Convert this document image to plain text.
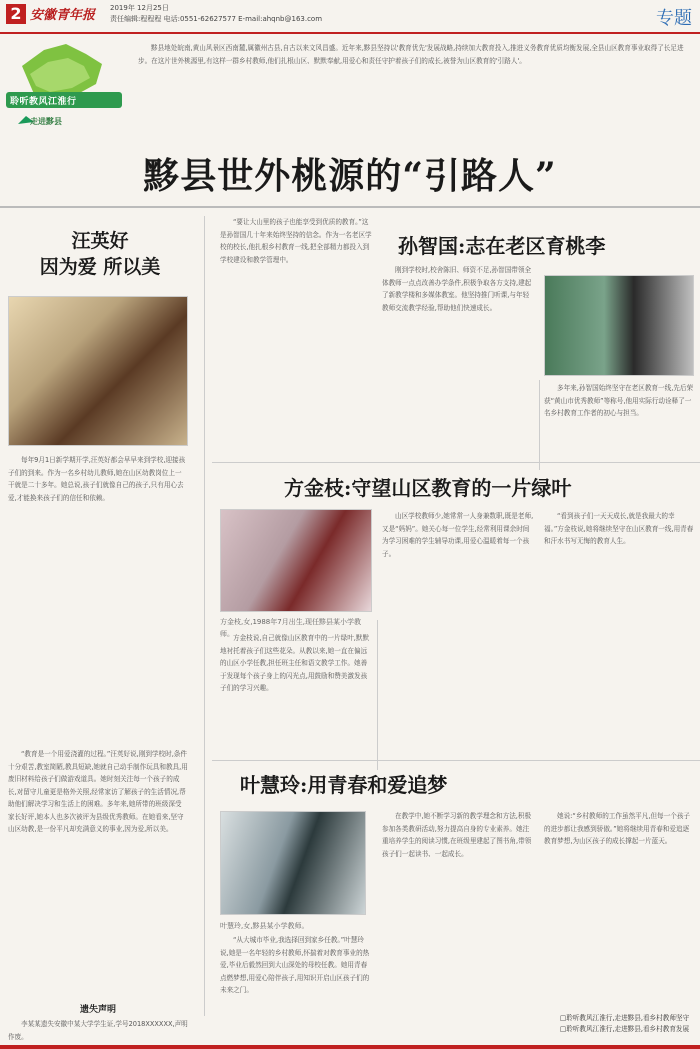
2 安徽青年报 2019年 12月25日
责任编辑:程程程 电话:0551-62627577 E-mail:ahqnb@163.com	专题
聆听教风江淮行
走进黟县
黟县地处皖南,黄山风景区西南麓,属徽州古县,自古以来文风昌盛。近年来,黟县坚持以'教育优先'发展战略,持续加大教育投入,推进义务教育优质均衡发展,全县山区教育事业取得了长足进步。在这片世外桃源里,有这样一群乡村教师,他们扎根山区、默默奉献,用爱心和责任守护着孩子们的成长,被誉为山区教育的'引路人'。
黟县世外桃源的“引路人”
汪英好
因为爱 所以美
每年9月1日新学期开学,汪英好都会早早来到学校,迎接孩子们的到来。作为一名乡村幼儿教师,她在山区幼教岗位上一干就是二十多年。她总说,孩子们就像自己的孩子,只有用心去爱,才能换来孩子们的信任和依赖。
“教育是一个用爱浇灌的过程。”汪英好说,刚到学校时,条件十分艰苦,教室简陋,教具短缺,她就自己动手制作玩具和教具,用废旧材料给孩子们做游戏道具。她时刻关注每一个孩子的成长,对留守儿童更是格外关照,经常家访了解孩子的生活情况,帮助他们解决学习和生活上的困难。多年来,她所带的班级深受家长好评,她本人也多次被评为县级优秀教师。在她看来,坚守山区幼教,是一份平凡却充满意义的事业,因为爱,所以美。
“要让大山里的孩子也能享受到优质的教育。”这是孙智国几十年来始终坚持的信念。作为一名老区学校的校长,他扎根乡村教育一线,把全部精力都投入到学校建设和教学管理中。
孙智国:志在老区育桃李
刚到学校时,校舍陈旧、师资不足,孙智国带领全体教师一点点改善办学条件,积极争取各方支持,建起了新教学楼和多媒体教室。他坚持推门听课,与年轻教师交流教学经验,帮助他们快速成长。
多年来,孙智国始终坚守在老区教育一线,先后荣获“黄山市优秀教师”等称号,他用实际行动诠释了一名乡村教育工作者的初心与担当。
方金枝:守望山区教育的一片绿叶
方金枝,女,1988年7月出生,现任黟县某小学教师。 方金枝说,自己就像山区教育中的一片绿叶,默默地衬托着孩子们这些花朵。从教以来,她一直在偏远的山区小学任教,担任班主任和语文教学工作。她善于发现每个孩子身上的闪光点,用鼓励和赞美激发孩子们的学习兴趣。
山区学校教师少,她常常一人身兼数职,既是老师,又是“妈妈”。她关心每一位学生,经常利用课余时间为学习困难的学生辅导功课,用爱心温暖着每一个孩子。
“看到孩子们一天天成长,就是我最大的幸福。”方金枝说,她将继续坚守在山区教育一线,用青春和汗水书写无悔的教育人生。
叶慧玲:用青春和爱追梦
叶慧玲,女,黟县某小学教师。
“从大城市毕业,我选择回到家乡任教。”叶慧玲说,她是一名年轻的乡村教师,怀揣着对教育事业的热爱,毕业后毅然回到大山深处的母校任教。她用青春点燃梦想,用爱心陪伴孩子,用知识开启山区孩子们的未来之门。
在教学中,她不断学习新的教学理念和方法,积极参加各类教研活动,努力提高自身的专业素养。她注重培养学生的阅读习惯,在班级里建起了图书角,带领孩子们一起读书、一起成长。
她说:“乡村教师的工作虽然平凡,但每一个孩子的进步都让我感到骄傲。”她将继续用青春和爱追逐教育梦想,为山区孩子的成长撑起一片蓝天。
遗失声明
李某某遗失安徽中某大学学生证,学号2018XXXXXX,声明作废。
□聆听教风江淮行,走进黟县,看乡村教师坚守
□聆听教风江淮行,走进黟县,看乡村教育发展
